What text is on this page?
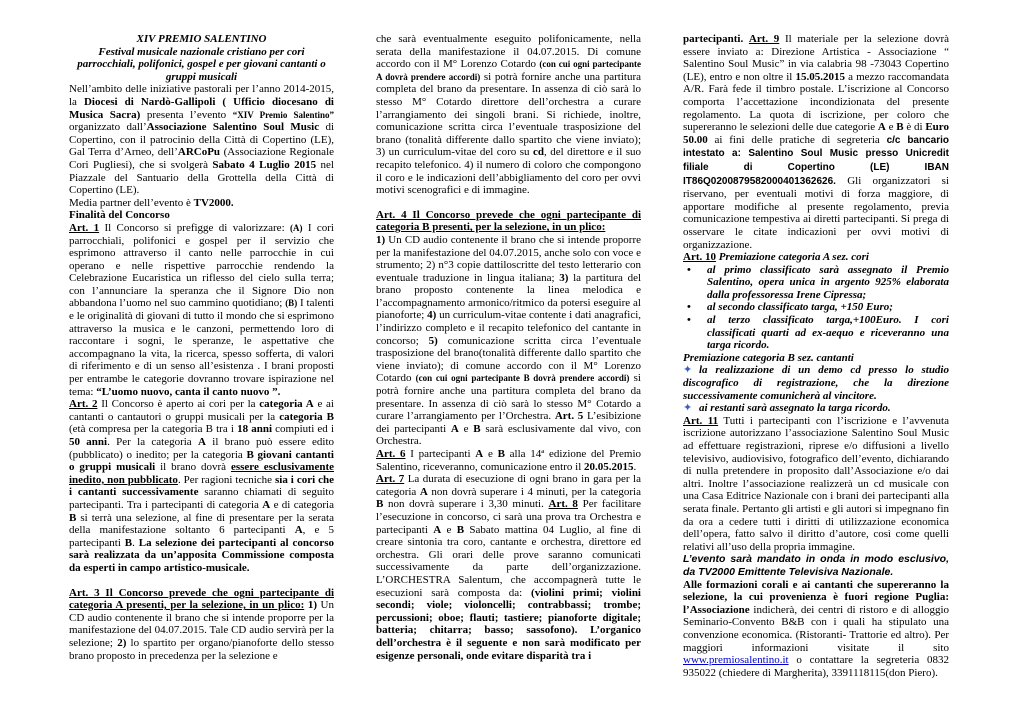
XIV PREMIO SALENTINO

Festival musicale nazionale cristiano per cori parrocchiali, polifonici, gospel e per giovani cantanti o gruppi musicali

Nell’ambito delle iniziative pastorali per l’anno 2014-2015, la Diocesi di Nardò-Gallipoli ( Ufficio diocesano di Musica Sacra) presenta l’evento “XIV Premio Salentino” organizzato dall’Associazione Salentino Soul Music di Copertino, con il patrocinio della Città di Copertino (LE), Gal Terra d’Arneo, dell’ARCoPu (Associazione Regionale Cori Pugliesi), che si svolgerà Sabato 4 Luglio 2015 nel Piazzale del Santuario della Grottella della Città di Copertino (LE).

Media partner dell’evento è TV2000.

Finalità del Concorso

Art. 1 Il Concorso si prefigge di valorizzare: (A) I cori parrocchiali, polifonici e gospel per il servizio che esprimono attraverso il canto nelle parrocchie in cui operano e nelle rispettive parrocchie rendendo la Celebrazione Eucaristica un riflesso del cielo sulla terra; con l’annunciare la speranza che il Signore Dio non abbandona l’uomo nel suo cammino quotidiano; (B) I talenti e le originalità di giovani di tutto il mondo che si esprimono attraverso la musica e le canzoni, permettendo loro di raccontare i sogni, le speranze, le aspettative che accompagnano la vita, la ricerca, spesso sofferta, di valori di riferimento e di un senso all’esistenza . I brani proposti per entrambe le categorie dovranno trovare ispirazione nel tema: “L’uomo nuovo, canta il canto nuovo ”.

Art. 2 Il Concorso è aperto ai cori per la categoria A e ai cantanti o cantautori o gruppi musicali per la categoria B (età compresa per la categoria B tra i 18 anni compiuti ed i 50 anni. Per la categoria A il brano può essere edito (pubblicato) o inedito; per la categoria B giovani cantanti o gruppi musicali il brano dovrà essere esclusivamente inedito, non pubblicato. Per ragioni tecniche sia i cori che i cantanti successivamente saranno chiamati di seguito partecipanti. Tra i partecipanti di categoria A e di categoria B si terrà una selezione, al fine di presentare per la serata della manifestazione soltanto 6 partecipanti A, e 5 partecipanti B. La selezione dei partecipanti al concorso sarà realizzata da un’apposita Commissione composta da esperti in campo artistico-musicale.

Art. 3 Il Concorso prevede che ogni partecipante di categoria A presenti, per la selezione, in un plico: 1) Un CD audio contenente il brano che si intende proporre per la manifestazione del 04.07.2015. Tale CD audio servirà per la selezione; 2) lo spartito per organo/pianoforte dello stesso brano proposto in precedenza per la selezione e

che sarà eventualmente eseguito polifonicamente, nella serata della manifestazione il 04.07.2015. Di comune accordo con il M° Lorenzo Cotardo (con cui ogni partecipante A dovrà prendere accordi) si potrà fornire anche una partitura completa del brano da presentare. In assenza di ciò sarà lo stesso M° Cotardo direttore dell’orchestra a curare l’arrangiamento dei singoli brani. Si richiede, inoltre, comunicazione scritta circa l’eventuale trasposizione del brano (tonalità differente dallo spartito che viene inviato); 3) un curriculum-vitae del coro su cd, del direttore e il suo recapito telefonico. 4) il numero di coloro che compongono il coro e le indicazioni dell’abbigliamento del coro per ovvi motivi scenografici e di immagine.

Art. 4 Il Concorso prevede che ogni partecipante di categoria B presenti, per la selezione, in un plico:

1) Un CD audio contenente il brano che si intende proporre per la manifestazione del 04.07.2015, anche solo con voce e strumento; 2) n°3 copie dattiloscritte del testo letterario con eventuale traduzione in lingua italiana; 3) la partitura del brano proposto contenente la linea melodica e l’accompagnamento armonico/ritmico da potersi eseguire al pianoforte; 4) un curriculum-vitae contente i dati anagrafici, l’indirizzo completo e il recapito telefonico del cantante in concorso; 5) comunicazione scritta circa l’eventuale trasposizione del brano(tonalità differente dallo spartito che viene inviato); di comune accordo con il M° Lorenzo Cotardo (con cui ogni partecipante B dovrà prendere accordi) si potrà fornire anche una partitura completa del brano da presentare. In assenza di ciò sarà lo stesso M° Cotardo a curare l’arrangiamento per l’Orchestra. Art. 5 L’esibizione dei partecipanti A e B sarà esclusivamente dal vivo, con Orchestra.

Art. 6 I partecipanti A e B alla 14ª edizione del Premio Salentino, riceveranno, comunicazione entro il 20.05.2015.

Art. 7 La durata di esecuzione di ogni brano in gara per la categoria A non dovrà superare i 4 minuti, per la categoria B non dovrà superare i 3,30 minuti. Art. 8 Per facilitare l’esecuzione in concorso, ci sarà una prova tra Orchestra e partecipanti A e B Sabato mattina 04 Luglio, al fine di creare sintonia tra coro, cantante e orchestra, direttore ed orchestra. Gli orari delle prove saranno comunicati successivamente da parte dell’organizzazione. L’ORCHESTRA Salentum, che accompagnerà tutte le esecuzioni sarà composta da: (violini primi; violini secondi; viole; violoncelli; contrabbassi; trombe; percussioni; oboe; flauti; tastiere; pianoforte digitale; batteria; chitarra; basso; sassofono). L’organico dell’orchestra è il seguente e non sarà modificato per esigenze personali, onde evitare disparità tra i

partecipanti. Art. 9 Il materiale per la selezione dovrà essere inviato a: Direzione Artistica - Associazione “ Salentino Soul Music” in via calabria 98 -73043 Copertino (LE), entro e non oltre il 15.05.2015 a mezzo raccomandata A/R. Farà fede il timbro postale. L’iscrizione al Concorso comporta l’accettazione incondizionata del presente regolamento. La quota di iscrizione, per coloro che supereranno le selezioni delle due categorie A e B è di Euro 50.00 ai fini delle pratiche di segreteria c/c bancario intestato a: Salentino Soul Music presso Unicredit filiale di Copertino (LE) IBAN IT86Q0200879582000401362626. Gli organizzatori si riservano, per eventuali motivi di forza maggiore, di apportare modifiche al presente regolamento, previa comunicazione tempestiva ai diretti partecipanti. Si prega di osservare le citate indicazioni per ovvi motivi di organizzazione.

Art. 10 Premiazione categoria A sez. cori

• al primo classificato sarà assegnato il Premio Salentino, opera unica in argento 925% elaborata dalla professoressa Irene Cipressa;
• al secondo classificato targa, +150 Euro;
• al terzo classificato targa,+100Euro. I cori classificati quarti ad ex-aequo e riceveranno una targa ricordo.

Premiazione categoria B sez. cantanti

✦ la realizzazione di un demo cd presso lo studio discografico di registrazione, che la direzione successivamente comunicherà al vincitore.

✦ ai restanti sarà assegnato la targa ricordo.

Art. 11 Tutti i partecipanti con l’iscrizione e l’avvenuta iscrizione autorizzano l’associazione Salentino Soul Music ad effettuare registrazioni, riprese e/o diffusioni a livello televisivo, audiovisivo, fotografico dell’evento, dichiarando di nulla pretendere in proposito dall’Associazione e/o dai altri. Inoltre l’associazione realizzerà un cd musicale con una Casa Editrice Nazionale con i brani dei partecipanti alla serata finale. Pertanto gli artisti e gli autori si impegnano fin da ora a cedere tutti i diritti di utilizzazione economica dell’opera, fatto salvo il diritto d’autore, così come quelli relativi all’uso della propria immagine.

L’evento sarà mandato in onda in modo esclusivo, da TV2000 Emittente Televisiva Nazionale.

Alle formazioni corali e ai cantanti che supereranno la selezione, la cui provenienza è fuori regione Puglia: l’Associazione indicherà, dei centri di ristoro e di alloggio Seminario-Convento B&B con i quali ha stipulato una convenzione economica. (Ristoranti- Trattorie ed altro). Per maggiori informazioni visitate il sito www.premiosalentino.it o contattare la segreteria 0832 935022 (chiedere di Margherita), 3391118115(don Piero).
